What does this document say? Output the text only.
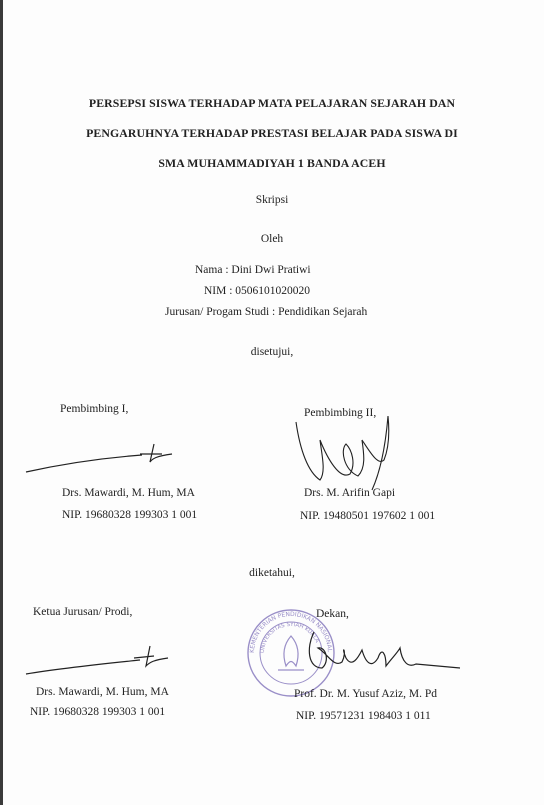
PERSEPSI SISWA TERHADAP MATA PELAJARAN SEJARAH DAN
PENGARUHNYA TERHADAP PRESTASI BELAJAR PADA SISWA DI
SMA MUHAMMADIYAH 1 BANDA ACEH
Skripsi
Oleh
Nama : Dini Dwi Pratiwi
NIM : 0506101020020
Jurusan/ Progam Studi : Pendidikan Sejarah
disetujui,
Pembimbing I,
Drs. Mawardi, M. Hum, MA
NIP. 19680328 199303 1 001
Pembimbing II,
Drs. M. Arifin Gapi
NIP. 19480501 197602 1 001
diketahui,
Ketua Jurusan/ Prodi,
Drs. Mawardi, M. Hum, MA
NIP. 19680328 199303 1 001
Dekan,
KEMENTERIAN PENDIDIKAN NASIONAL
UNIVERSITAS SYIAH KUALA
Prof. Dr. M. Yusuf Aziz, M. Pd
NIP. 19571231 198403 1 011
